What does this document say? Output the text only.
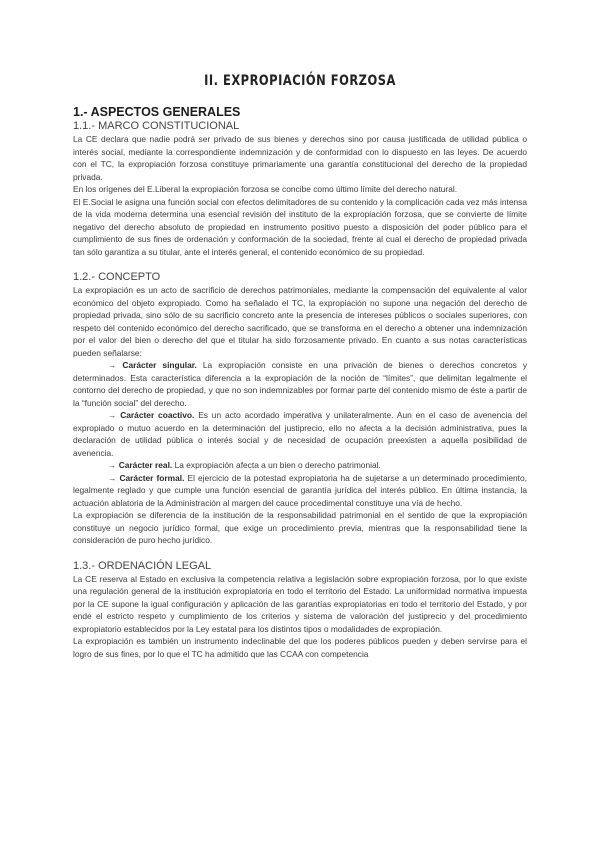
II. EXPROPIACIÓN FORZOSA
1.- ASPECTOS GENERALES
1.1.- MARCO CONSTITUCIONAL

La CE declara que nadie podrá ser privado de sus bienes y derechos sino por causa justificada de utilidad pública o interés social, mediante la correspondiente indemnización y de conformidad con lo dispuesto en las leyes. De acuerdo con el TC, la expropiación forzosa constituye primariamente una garantía constitucional del derecho de la propiedad privada.

En los orígenes del E.Liberal la expropiación forzosa se concibe como último límite del derecho natural.

El E.Social le asigna una función social con efectos delimitadores de su contenido y la complicación cada vez más intensa de la vida moderna determina una esencial revisión del instituto de la expropiación forzosa, que se convierte de límite negativo del derecho absoluto de propiedad en instrumento positivo puesto a disposición del poder público para el cumplimiento de sus fines de ordenación y conformación de la sociedad, frente al cual el derecho de propiedad privada tan sólo garantiza a su titular, ante el interés general, el contenido económico de su propiedad.

1.2.- CONCEPTO

La expropiación es un acto de sacrificio de derechos patrimoniales, mediante la compensación del equivalente al valor económico del objeto expropiado. Como ha señalado el TC, la expropiación no supone una negación del derecho de propiedad privada, sino sólo de su sacrificio concreto ante la presencia de intereses públicos o sociales superiores, con respeto del contenido económico del derecho sacrificado, que se transforma en el derecho a obtener una indemnización por el valor del bien o derecho del que el titular ha sido forzosamente privado. En cuanto a sus notas características pueden señalarse:

→ Carácter singular. La expropiación consiste en una privación de bienes o derechos concretos y determinados. Esta característica diferencia a la expropiación de la noción de “límites”, que delimitan legalmente el contorno del derecho de propiedad, y que no son indemnizables por formar parte del contenido mismo de éste a partir de la “función social” del derecho.

→ Carácter coactivo. Es un acto acordado imperativa y unilateralmente. Aun en el caso de avenencia del expropiado o mutuo acuerdo en la determinación del justiprecio, ello no afecta a la decisión administrativa, pues la declaración de utilidad pública o interés social y de necesidad de ocupación preexisten a aquella posibilidad de avenencia.

→ Carácter real. La expropiación afecta a un bien o derecho patrimonial.

→ Carácter formal. El ejercicio de la potestad expropiatoria ha de sujetarse a un determinado procedimiento, legalmente reglado y que cumple una función esencial de garantía jurídica del interés público. En última instancia, la actuación ablatoria de la Administración al margen del cauce procedimental constituye una vía de hecho.

La expropiación se diferencia de la institución de la responsabilidad patrimonial en el sentido de que la expropiación constituye un negocio jurídico formal, que exige un procedimiento previa, mientras que la responsabilidad tiene la consideración de puro hecho jurídico.

1.3.- ORDENACIÓN LEGAL

La CE reserva al Estado en exclusiva la competencia relativa a legislación sobre expropiación forzosa, por lo que existe una regulación general de la institución expropiatoria en todo el territorio del Estado. La uniformidad normativa impuesta por la CE supone la igual configuración y aplicación de las garantías expropiatorias en todo el territorio del Estado, y por ende el estricto respeto y cumplimiento de los criterios y sistema de valoración del justiprecio y del procedimiento expropiatorio establecidos por la Ley estatal para los distintos tipos o modalidades de expropiación.

La expropiación es también un instrumento indeclinable del que los poderes públicos pueden y deben servirse para el logro de sus fines, por lo que el TC ha admitido que las CCAA con competencia
